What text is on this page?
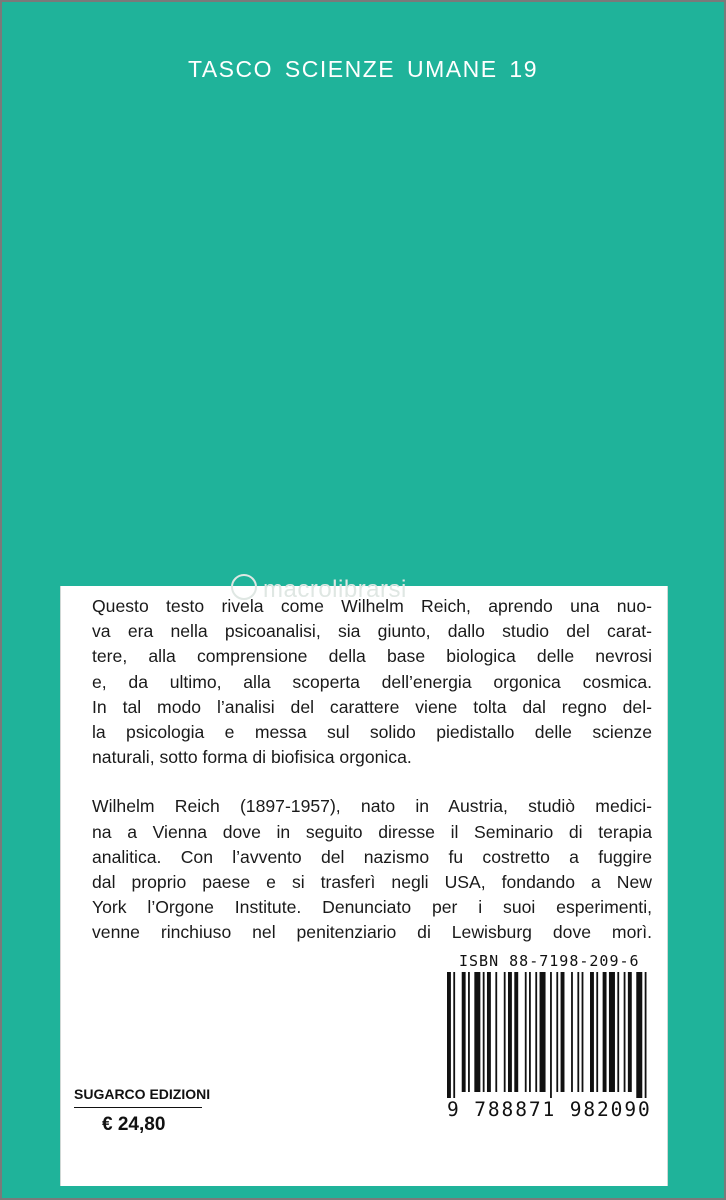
TASCO SCIENZE UMANE 19
macrolibrarsi

Questo testo rivela come Wilhelm Reich, aprendo una nuo-
va era nella psicoanalisi, sia giunto, dallo studio del carat-
tere, alla comprensione della base biologica delle nevrosi
e, da ultimo, alla scoperta dell’energia orgonica cosmica.
In tal modo l’analisi del carattere viene tolta dal regno del-
la psicologia e messa sul solido piedistallo delle scienze
naturali, sotto forma di biofisica orgonica.

Wilhelm Reich (1897-1957), nato in Austria, studiò medici-
na a Vienna dove in seguito diresse il Seminario di terapia
analitica. Con l’avvento del nazismo fu costretto a fuggire
dal proprio paese e si trasferì negli USA, fondando a New
York l’Orgone Institute. Denunciato per i suoi esperimenti,
venne rinchiuso nel penitenziario di Lewisburg dove morì.

ISBN 88-7198-209-6
9 788871 982090
SUGARCO EDIZIONI
€ 24,80
